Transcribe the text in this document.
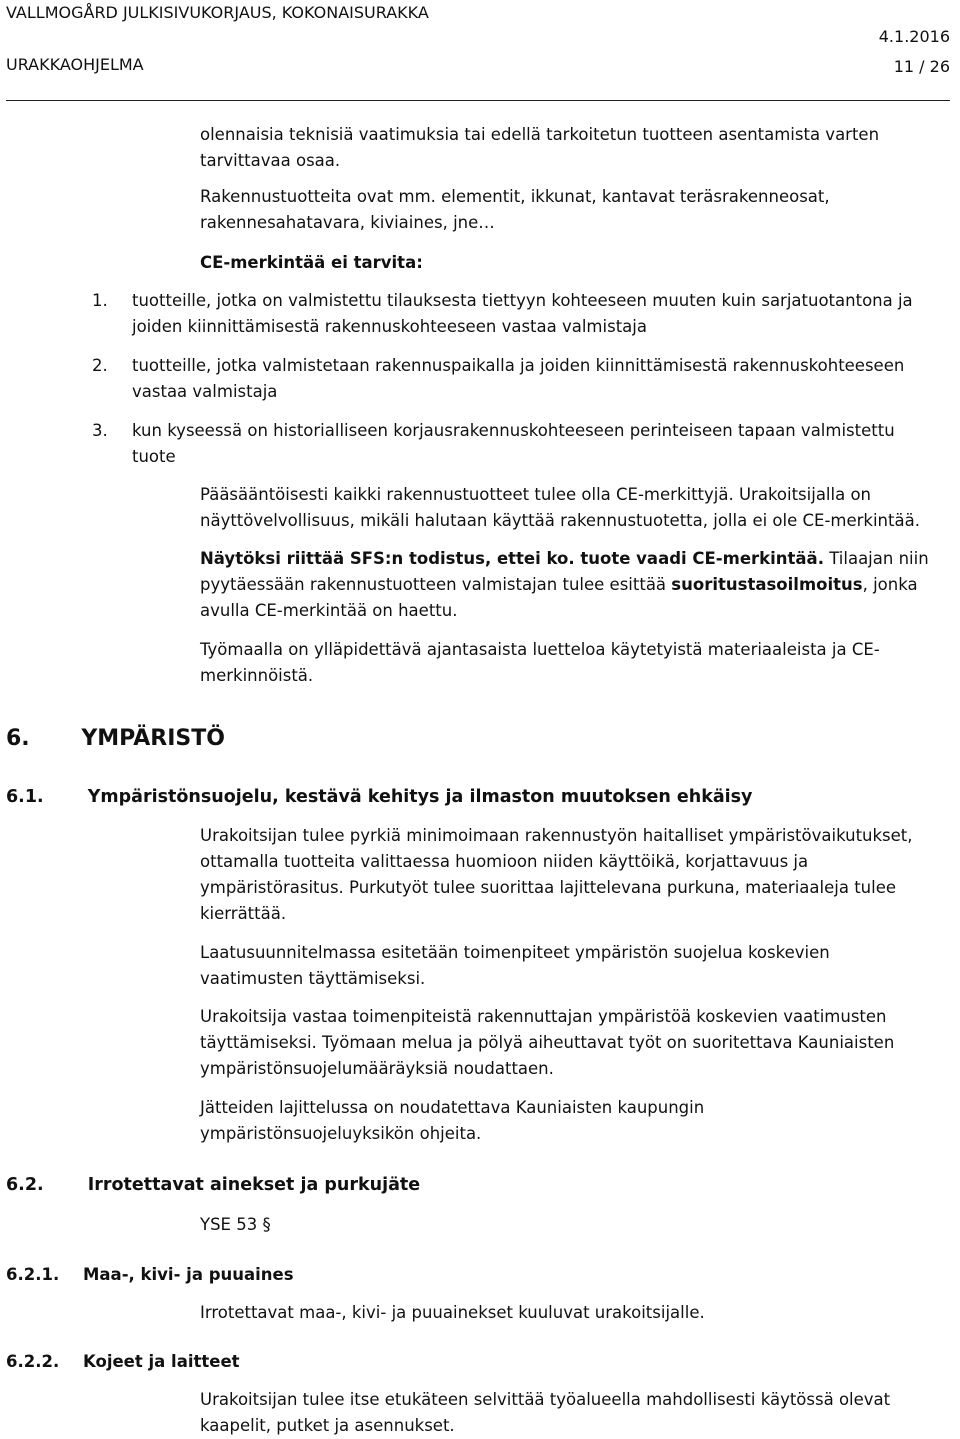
VALLMOGÅRD JULKISIVUKORJAUS, KOKONAISURAKKA
URAKKAOHJELMA
4.1.2016
11 / 26
olennaisia teknisiä vaatimuksia tai edellä tarkoitetun tuotteen asentamista varten
tarvittavaa osaa.
Rakennustuotteita ovat mm. elementit, ikkunat, kantavat teräsrakenneosat,
rakennesahatavara, kiviaines, jne…
CE-merkintää ei tarvita:
1. tuotteille, jotka on valmistettu tilauksesta tiettyyn kohteeseen muuten kuin sarjatuotantona ja
joiden kiinnittämisestä rakennuskohteeseen vastaa valmistaja
2. tuotteille, jotka valmistetaan rakennuspaikalla ja joiden kiinnittämisestä rakennuskohteeseen
vastaa valmistaja
3. kun kyseessä on historialliseen korjausrakennuskohteeseen perinteiseen tapaan valmistettu
tuote
Pääsääntöisesti kaikki rakennustuotteet tulee olla CE-merkittyjä. Urakoitsijalla on
näyttövelvollisuus, mikäli halutaan käyttää rakennustuotetta, jolla ei ole CE-merkintää.
Näytöksi riittää SFS:n todistus, ettei ko. tuote vaadi CE-merkintää. Tilaajan niin
pyytäessään rakennustuotteen valmistajan tulee esittää suoritustasoilmoitus, jonka
avulla CE-merkintää on haettu.
Työmaalla on ylläpidettävä ajantasaista luetteloa käytetyistä materiaaleista ja CE-
merkinnöistä.
6. YMPÄRISTÖ
6.1.	Ympäristönsuojelu, kestävä kehitys ja ilmaston muutoksen ehkäisy
Urakoitsijan tulee pyrkiä minimoimaan rakennustyön haitalliset ympäristövaikutukset,
ottamalla tuotteita valittaessa huomioon niiden käyttöikä, korjattavuus ja
ympäristörasitus. Purkutyöt tulee suorittaa lajittelevana purkuna, materiaaleja tulee
kierrättää.
Laatusuunnitelmassa esitetään toimenpiteet ympäristön suojelua koskevien
vaatimusten täyttämiseksi.
Urakoitsija vastaa toimenpiteistä rakennuttajan ympäristöä koskevien vaatimusten
täyttämiseksi. Työmaan melua ja pölyä aiheuttavat työt on suoritettava Kauniaisten
ympäristönsuojelumääräyksiä noudattaen.
Jätteiden lajittelussa on noudatettava Kauniaisten kaupungin
ympäristönsuojeluyksikön ohjeita.
6.2.	Irrotettavat ainekset ja purkujäte
YSE 53 §
6.2.1. Maa-, kivi- ja puuaines
Irrotettavat maa-, kivi- ja puuainekset kuuluvat urakoitsijalle.
6.2.2. Kojeet ja laitteet
Urakoitsijan tulee itse etukäteen selvittää työalueella mahdollisesti käytössä olevat
kaapelit, putket ja asennukset.
